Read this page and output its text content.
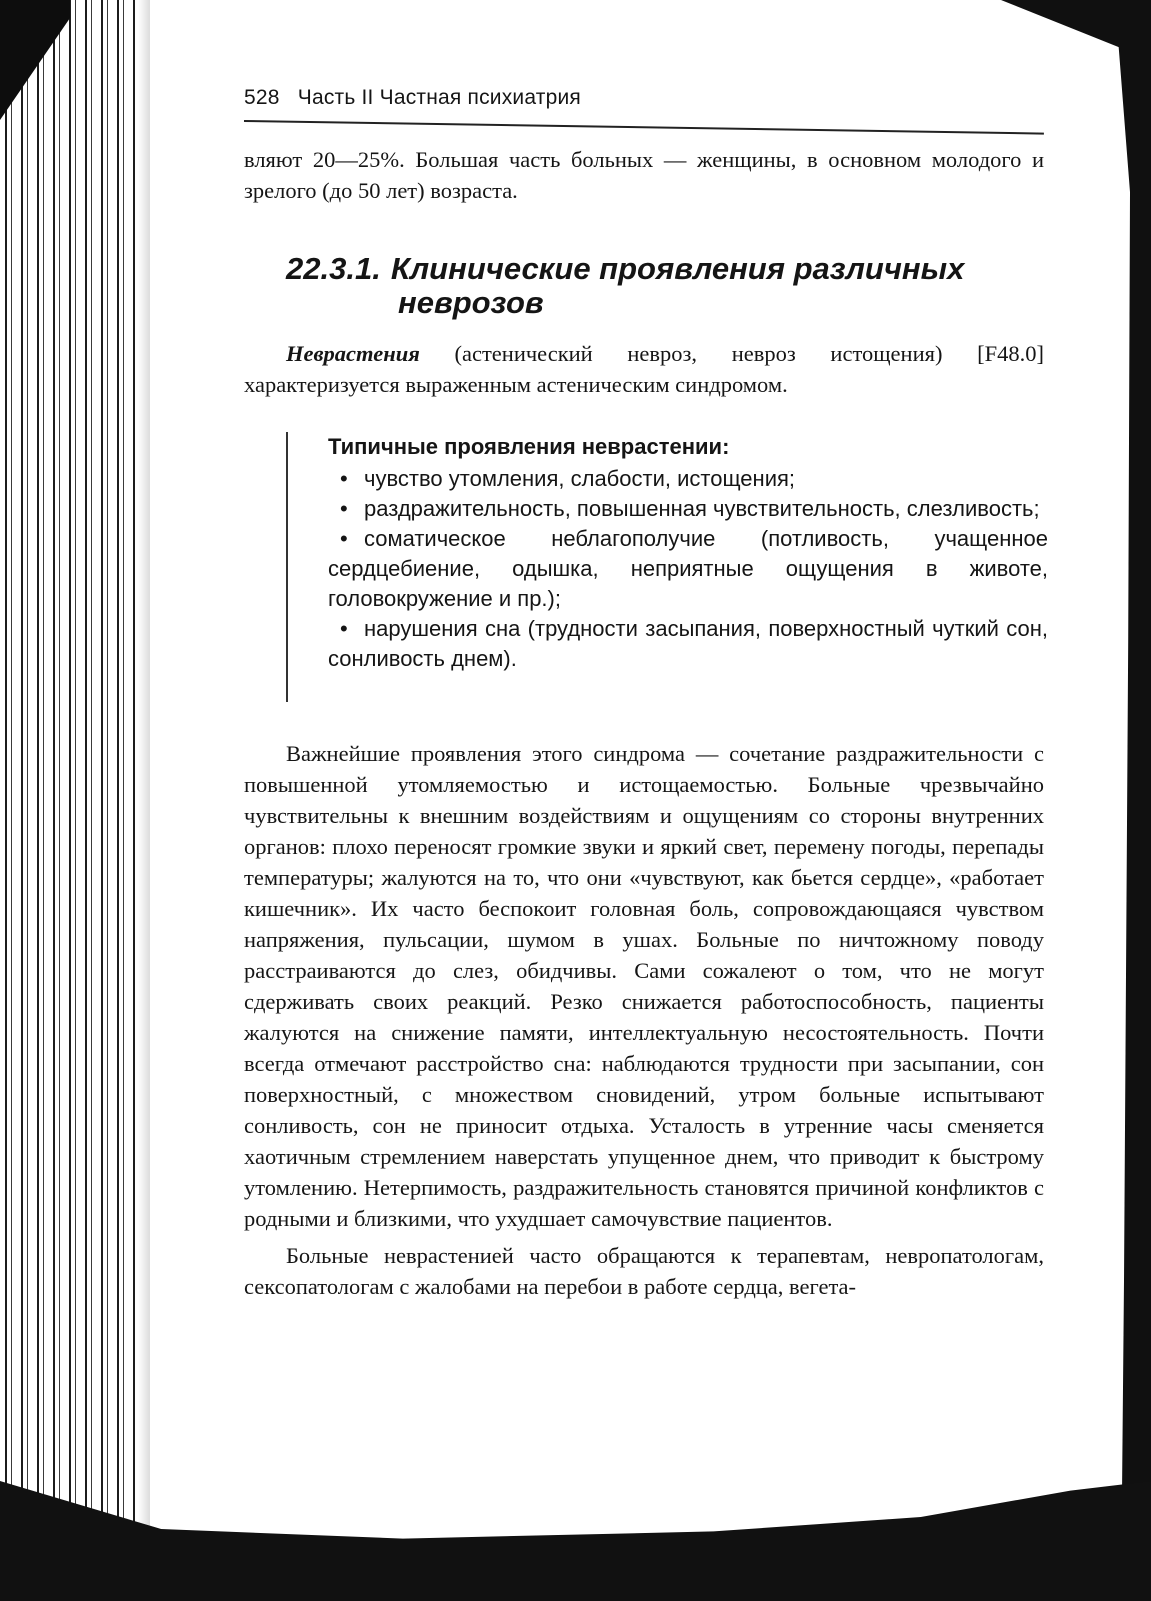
528 Часть II Частная психиатрия

вляют 20—25%. Большая часть больных — женщины, в основном молодого и зрелого (до 50 лет) возраста.

22.3.1. Клинические проявления различных
неврозов

Неврастения (астенический невроз, невроз истощения) [F48.0] характеризуется выраженным астеническим синдромом.

Типичные проявления неврастении:

• чувство утомления, слабости, истощения;

• раздражительность, повышенная чувствительность, слезливость;

• соматическое неблагополучие (потливость, учащенное сердцебиение, одышка, неприятные ощущения в животе, головокружение и пр.);

• нарушения сна (трудности засыпания, поверхностный чуткий сон, сонливость днем).

Важнейшие проявления этого синдрома — сочетание раздражительности с повышенной утомляемостью и истощаемостью. Больные чрезвычайно чувствительны к внешним воздействиям и ощущениям со стороны внутренних органов: плохо переносят громкие звуки и яркий свет, перемену погоды, перепады температуры; жалуются на то, что они «чувствуют, как бьется сердце», «работает кишечник». Их часто беспокоит головная боль, сопровождающаяся чувством напряжения, пульсации, шумом в ушах. Больные по ничтожному поводу расстраиваются до слез, обидчивы. Сами сожалеют о том, что не могут сдерживать своих реакций. Резко снижается работоспособность, пациенты жалуются на снижение памяти, интеллектуальную несостоятельность. Почти всегда отмечают расстройство сна: наблюдаются трудности при засыпании, сон поверхностный, с множеством сновидений, утром больные испытывают сонливость, сон не приносит отдыха. Усталость в утренние часы сменяется хаотичным стремлением наверстать упущенное днем, что приводит к быстрому утомлению. Нетерпимость, раздражительность становятся причиной конфликтов с родными и близкими, что ухудшает самочувствие пациентов.

Больные неврастенией часто обращаются к терапевтам, невропатологам, сексопатологам с жалобами на перебои в работе сердца, вегета-
